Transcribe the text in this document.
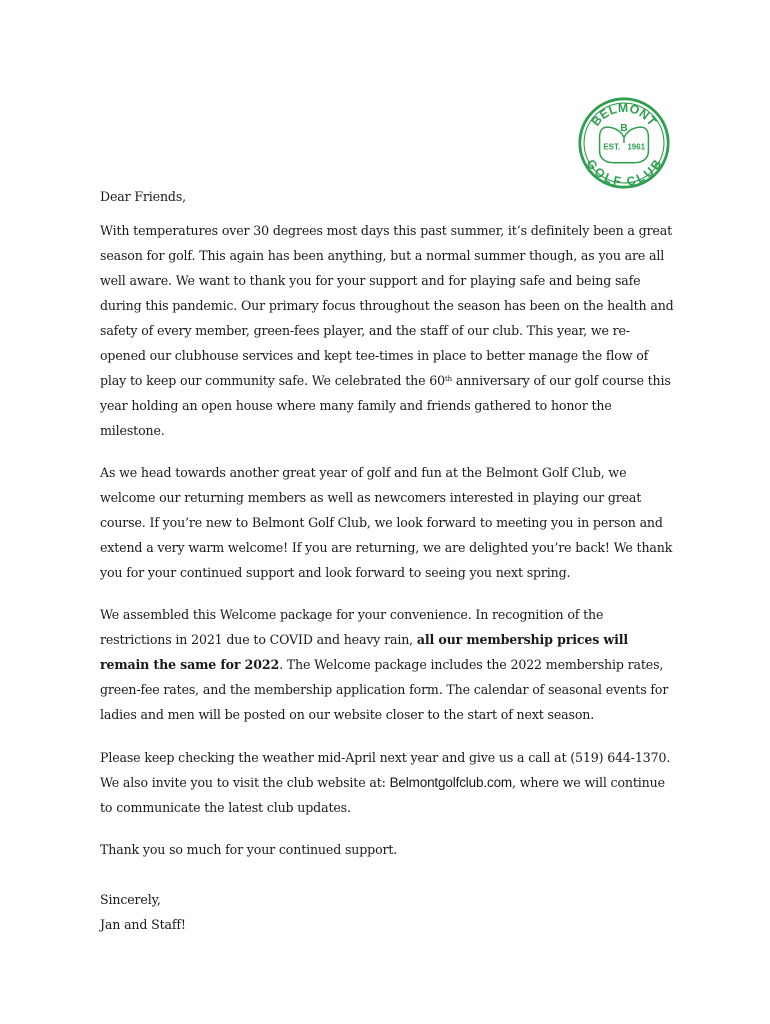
BELMONT
GOLF CLUB
B
EST. 1961

Dear Friends,

With temperatures over 30 degrees most days this past summer, it’s definitely been a great season for golf. This again has been anything, but a normal summer though, as you are all well aware. We want to thank you for your support and for playing safe and being safe during this pandemic. Our primary focus throughout the season has been on the health and safety of every member, green-fees player, and the staff of our club. This year, we re-opened our clubhouse services and kept tee-times in place to better manage the flow of play to keep our community safe. We celebrated the 60th anniversary of our golf course this year holding an open house where many family and friends gathered to honor the milestone.

As we head towards another great year of golf and fun at the Belmont Golf Club, we welcome our returning members as well as newcomers interested in playing our great course. If you’re new to Belmont Golf Club, we look forward to meeting you in person and extend a very warm welcome! If you are returning, we are delighted you’re back! We thank you for your continued support and look forward to seeing you next spring.

We assembled this Welcome package for your convenience. In recognition of the restrictions in 2021 due to COVID and heavy rain, all our membership prices will remain the same for 2022. The Welcome package includes the 2022 membership rates, green-fee rates, and the membership application form. The calendar of seasonal events for ladies and men will be posted on our website closer to the start of next season.

Please keep checking the weather mid-April next year and give us a call at (519) 644-1370. We also invite you to visit the club website at: Belmontgolfclub.com, where we will continue to communicate the latest club updates.

Thank you so much for your continued support.

Sincerely,

Jan and Staff!
